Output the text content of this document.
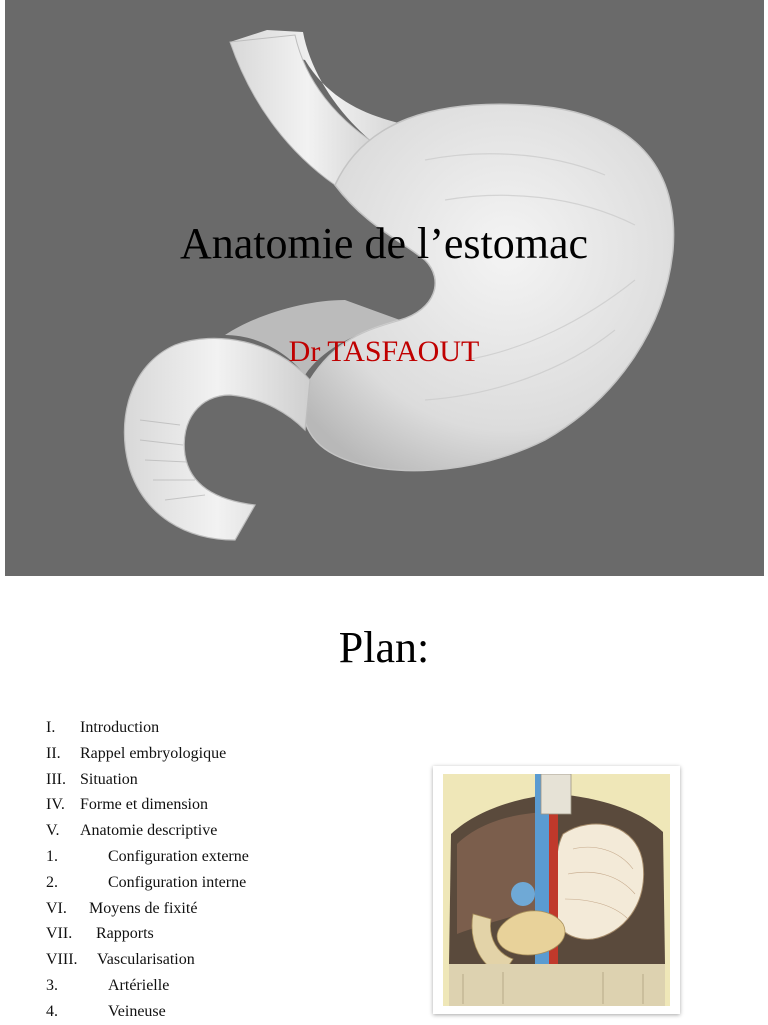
Anatomie de l’estomac
Dr TASFAOUT
Plan:
I. Introduction
II. Rappel embryologique
III. Situation
IV. Forme et dimension
V. Anatomie descriptive
1.	Configuration externe
2.	Configuration interne
VI. Moyens de fixité
VII. Rapports
VIII. Vascularisation
3.	Artérielle
4.	Veineuse
